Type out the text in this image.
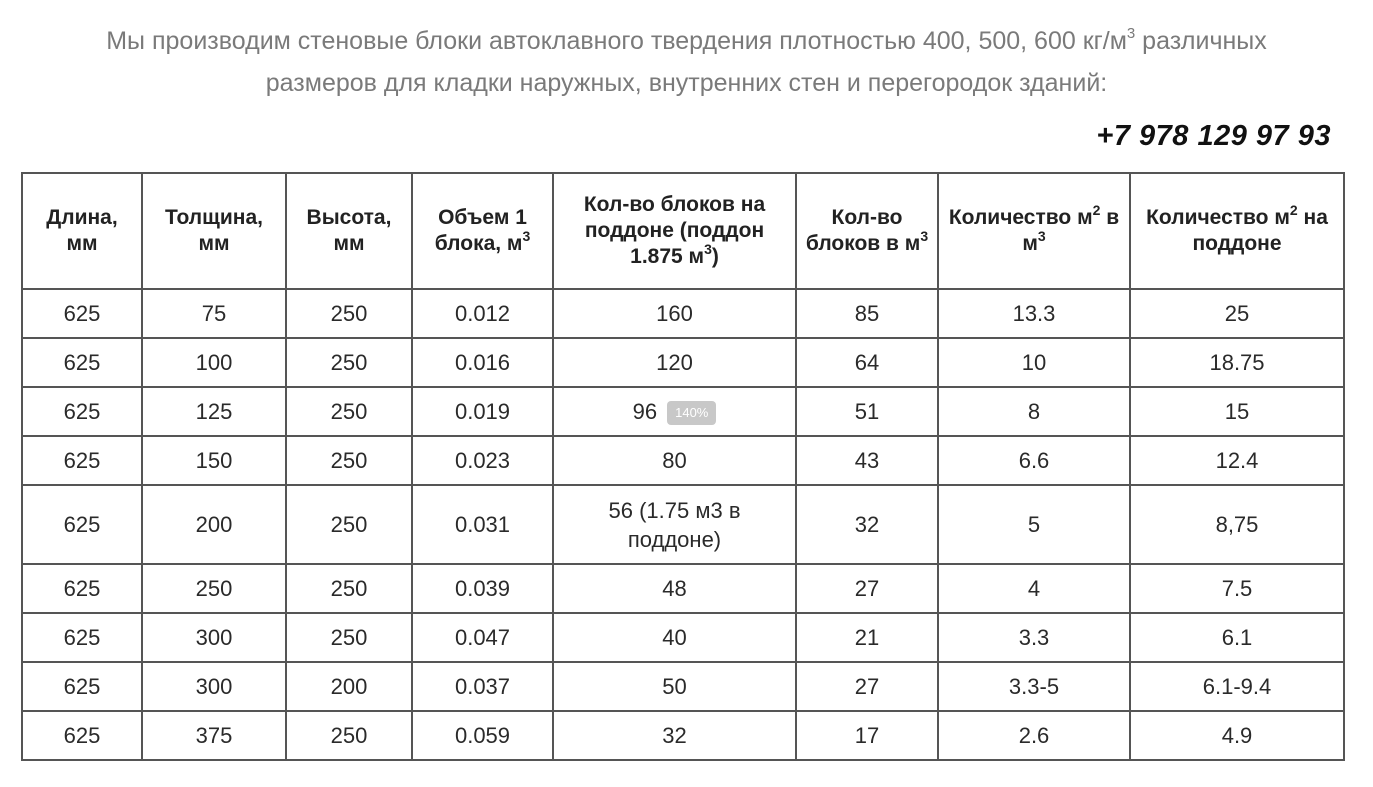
Мы производим стеновые блоки автоклавного твердения плотностью 400, 500, 600 $кг/м^3$ различных
размеров для кладки наружных, внутренних стен и перегородок зданий:
+7 978 129 97 93
Длина, мм	Толщина, мм	Высота, мм	Объем 1 блока, $м^3$	Кол-во блоков на поддоне (поддон 1.875 $м^3$)	Кол-во блоков в $м^3$	Количество $м^2$ в $м^3$	Количество $м^2$ на поддоне
625	75	250	0.012	160	85	13.3	25
625	100	250	0.016	120	64	10	18.75
625	125	250	0.019	96 140%	51	8	15
625	150	250	0.023	80	43	6.6	12.4
625	200	250	0.031	56 (1.75 м3 в поддоне)	32	5	8,75
625	250	250	0.039	48	27	4	7.5
625	300	250	0.047	40	21	3.3	6.1
625	300	200	0.037	50	27	3.3-5	6.1-9.4
625	375	250	0.059	32	17	2.6	4.9
